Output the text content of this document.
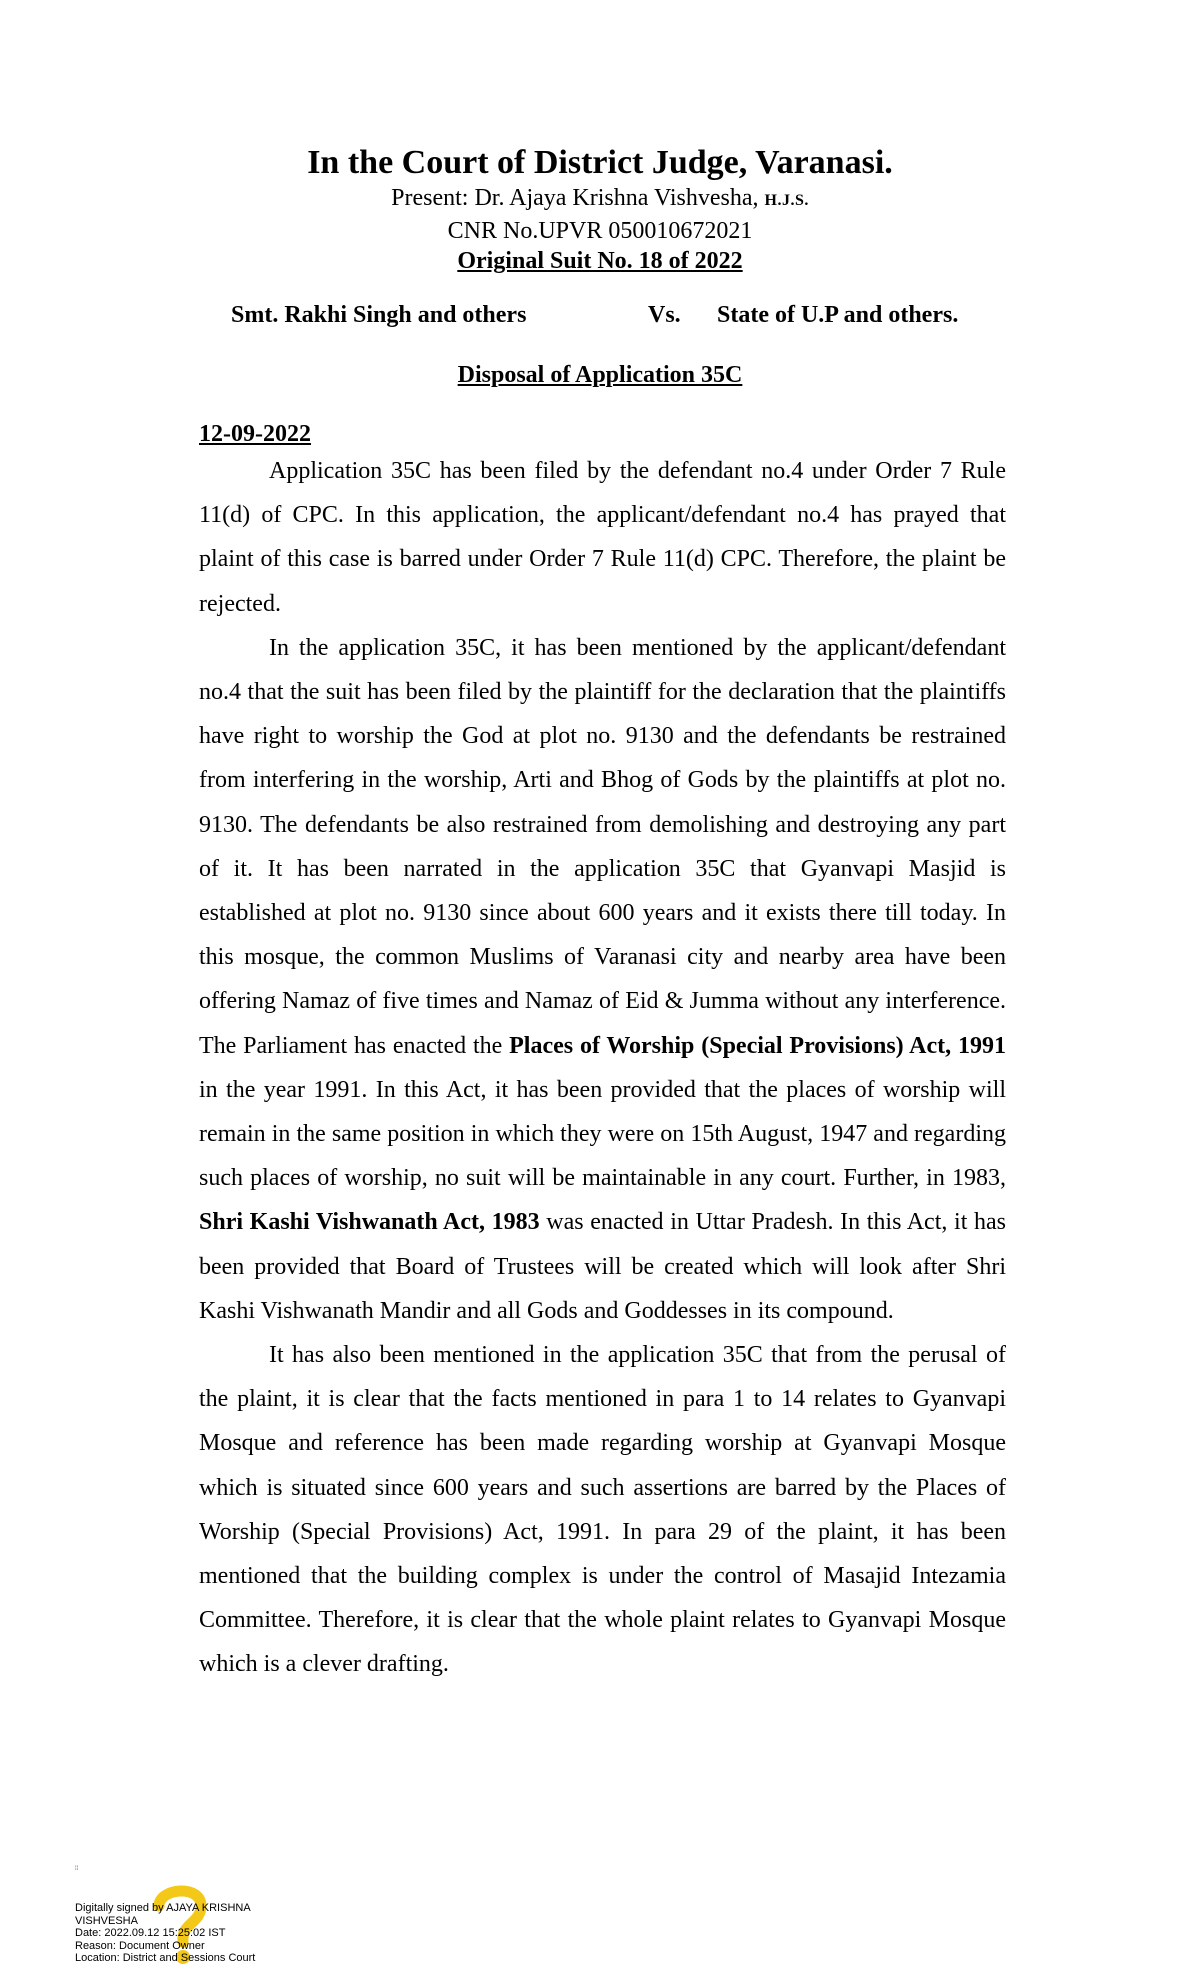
In the Court of District Judge, Varanasi.
Present: Dr. Ajaya Krishna Vishvesha, H.J.S.
CNR No.UPVR 050010672021
Original Suit No. 18 of 2022
Smt. Rakhi Singh and others	Vs. State of U.P and others.
Disposal of Application 35C
12-09-2022

Application 35C has been filed by the defendant no.4 under Order 7 Rule 11(d) of CPC. In this application, the applicant/defendant no.4 has prayed that plaint of this case is barred under Order 7 Rule 11(d) CPC. Therefore, the plaint be rejected.

In the application 35C, it has been mentioned by the applicant/defendant no.4 that the suit has been filed by the plaintiff for the declaration that the plaintiffs have right to worship the God at plot no. 9130 and the defendants be restrained from interfering in the worship, Arti and Bhog of Gods by the plaintiffs at plot no. 9130. The defendants be also restrained from demolishing and destroying any part of it. It has been narrated in the application 35C that Gyanvapi Masjid is established at plot no. 9130 since about 600 years and it exists there till today. In this mosque, the common Muslims of Varanasi city and nearby area have been offering Namaz of five times and Namaz of Eid & Jumma without any interference. The Parliament has enacted the Places of Worship (Special Provisions) Act, 1991 in the year 1991. In this Act, it has been provided that the places of worship will remain in the same position in which they were on 15th August, 1947 and regarding such places of worship, no suit will be maintainable in any court. Further, in 1983, Shri Kashi Vishwanath Act, 1983 was enacted in Uttar Pradesh. In this Act, it has been provided that Board of Trustees will be created which will look after Shri Kashi Vishwanath Mandir and all Gods and Goddesses in its compound.

It has also been mentioned in the application 35C that from the perusal of the plaint, it is clear that the facts mentioned in para 1 to 14 relates to Gyanvapi Mosque and reference has been made regarding worship at Gyanvapi Mosque which is situated since 600 years and such assertions are barred by the Places of Worship (Special Provisions) Act, 1991. In para 29 of the plaint, it has been mentioned that the building complex is under the control of Masajid Intezamia Committee. Therefore, it is clear that the whole plaint relates to Gyanvapi Mosque which is a clever drafting.

⁞⁞
Digitally signed by AJAYA KRISHNA
VISHVESHA
Date: 2022.09.12 15:25:02 IST
Reason: Document Owner
Location: District and Sessions Court
